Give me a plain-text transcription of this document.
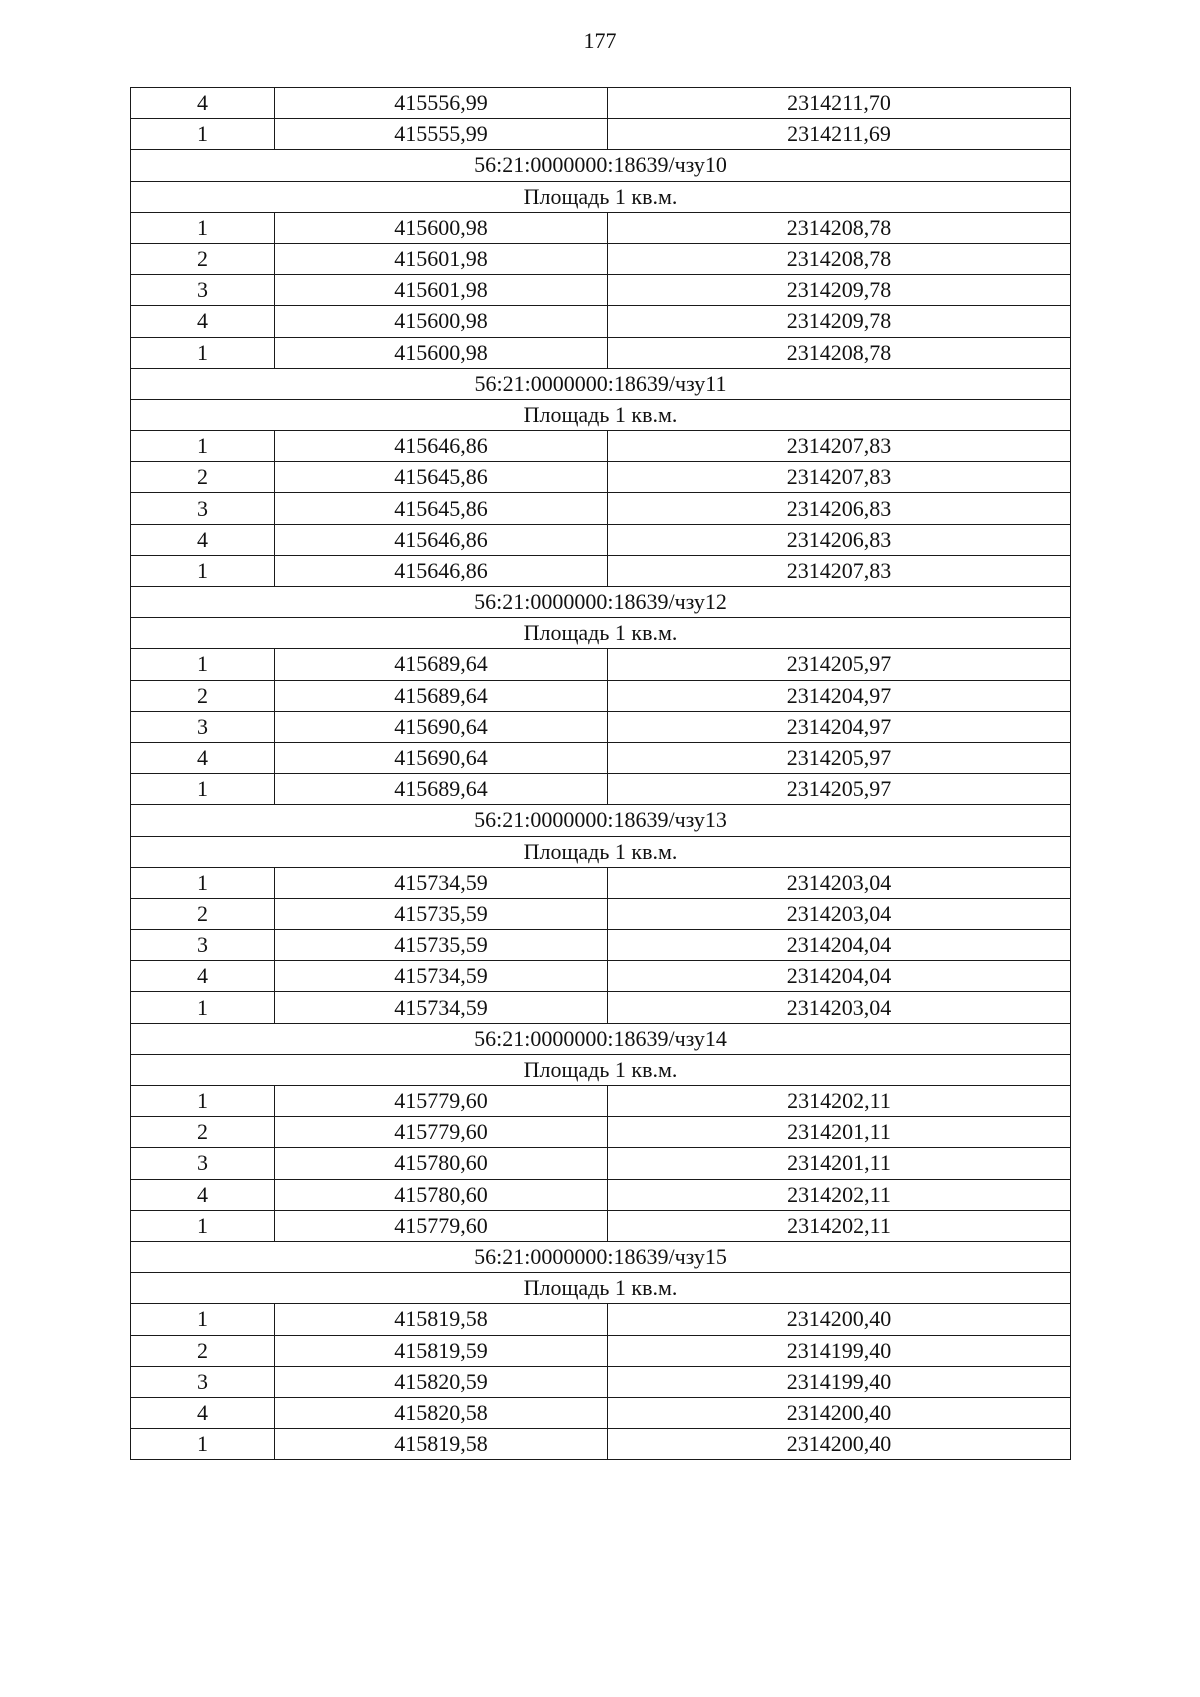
177
4	415556,99	2314211,70
1	415555,99	2314211,69
56:21:0000000:18639/чзу10		
Площадь 1 кв.м.		
1	415600,98	2314208,78
2	415601,98	2314208,78
3	415601,98	2314209,78
4	415600,98	2314209,78
1	415600,98	2314208,78
56:21:0000000:18639/чзу11		
Площадь 1 кв.м.		
1	415646,86	2314207,83
2	415645,86	2314207,83
3	415645,86	2314206,83
4	415646,86	2314206,83
1	415646,86	2314207,83
56:21:0000000:18639/чзу12		
Площадь 1 кв.м.		
1	415689,64	2314205,97
2	415689,64	2314204,97
3	415690,64	2314204,97
4	415690,64	2314205,97
1	415689,64	2314205,97
56:21:0000000:18639/чзу13		
Площадь 1 кв.м.		
1	415734,59	2314203,04
2	415735,59	2314203,04
3	415735,59	2314204,04
4	415734,59	2314204,04
1	415734,59	2314203,04
56:21:0000000:18639/чзу14		
Площадь 1 кв.м.		
1	415779,60	2314202,11
2	415779,60	2314201,11
3	415780,60	2314201,11
4	415780,60	2314202,11
1	415779,60	2314202,11
56:21:0000000:18639/чзу15		
Площадь 1 кв.м.		
1	415819,58	2314200,40
2	415819,59	2314199,40
3	415820,59	2314199,40
4	415820,58	2314200,40
1	415819,58	2314200,40
